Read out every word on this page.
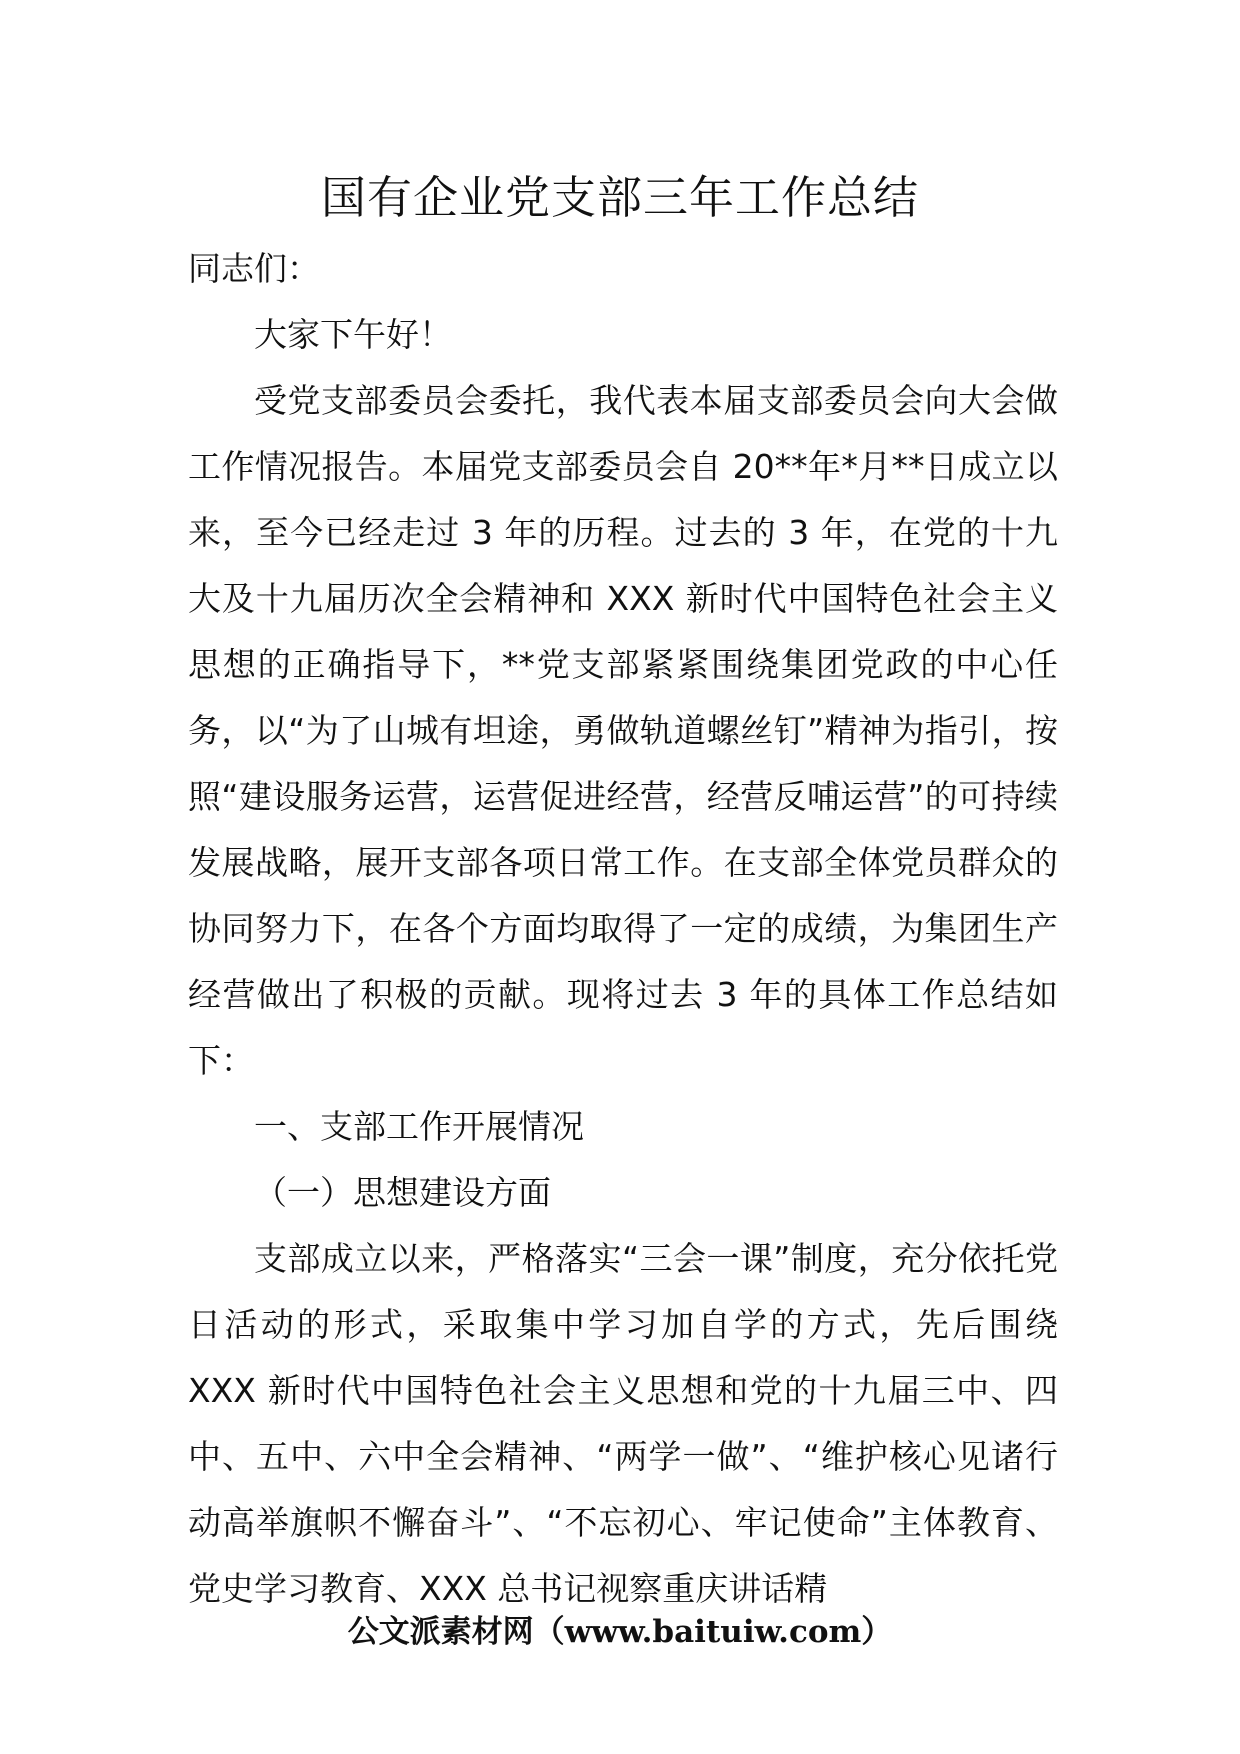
国有企业党支部三年工作总结

同志们：

大家下午好！

受党支部委员会委托，我代表本届支部委员会向大会做工作情况报告。本届党支部委员会自 20**年*月**日成立以来，至今已经走过 3 年的历程。过去的 3 年，在党的十九大及十九届历次全会精神和 XXX 新时代中国特色社会主义思想的正确指导下，**党支部紧紧围绕集团党政的中心任务，以“为了山城有坦途，勇做轨道螺丝钉”精神为指引，按照“建设服务运营，运营促进经营，经营反哺运营”的可持续发展战略，展开支部各项日常工作。在支部全体党员群众的协同努力下，在各个方面均取得了一定的成绩，为集团生产经营做出了积极的贡献。现将过去 3 年的具体工作总结如下：

一、支部工作开展情况

（一）思想建设方面

支部成立以来，严格落实“三会一课”制度，充分依托党日活动的形式，采取集中学习加自学的方式，先后围绕 XXX 新时代中国特色社会主义思想和党的十九届三中、四中、五中、六中全会精神、“两学一做”、“维护核心见诸行动高举旗帜不懈奋斗”、“不忘初心、牢记使命”主体教育、党史学习教育、XXX 总书记视察重庆讲话精

公文派素材网（www.baituiw.com）
